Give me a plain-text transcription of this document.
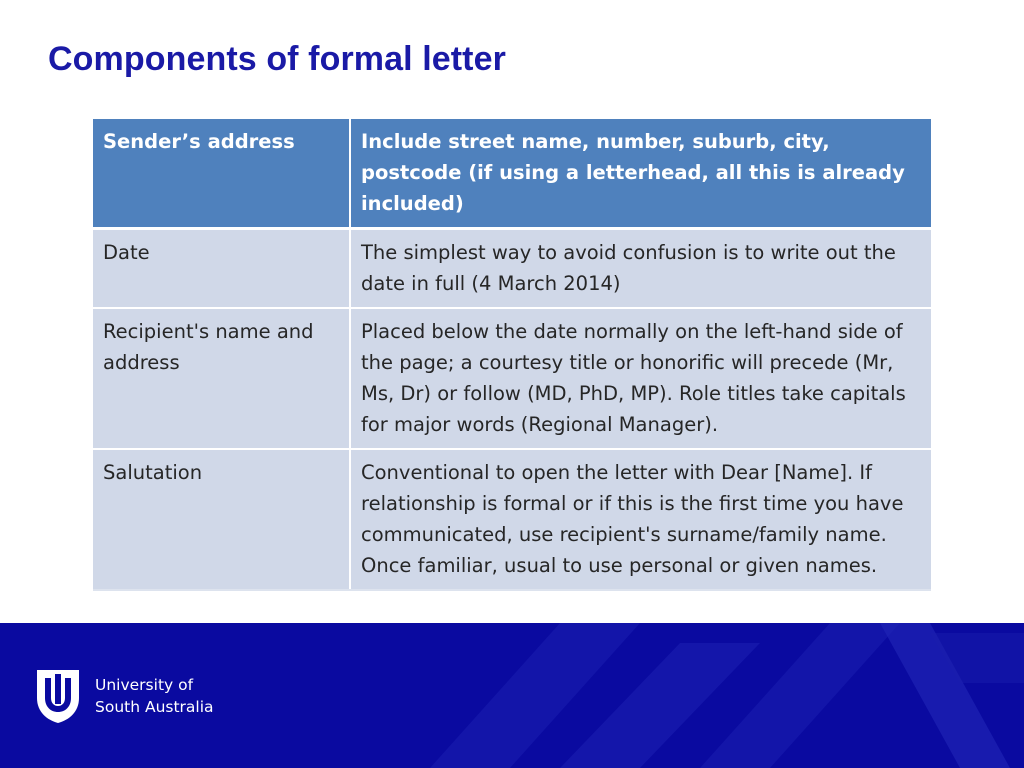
Components of formal letter
Sender’s address	Include street name, number, suburb, city, postcode (if using a letterhead, all this is already included)
Date	The simplest way to avoid confusion is to write out the date in full (4 March 2014)
Recipient's name and address	Placed below the date normally on the left-hand side of the page; a courtesy title or honorific will precede (Mr, Ms, Dr) or follow (MD, PhD, MP). Role titles take capitals for major words (Regional Manager).
Salutation	Conventional to open the letter with Dear [Name]. If relationship is formal or if this is the first time you have communicated, use recipient's surname/family name. Once familiar, usual to use personal or given names.
University of
South Australia
